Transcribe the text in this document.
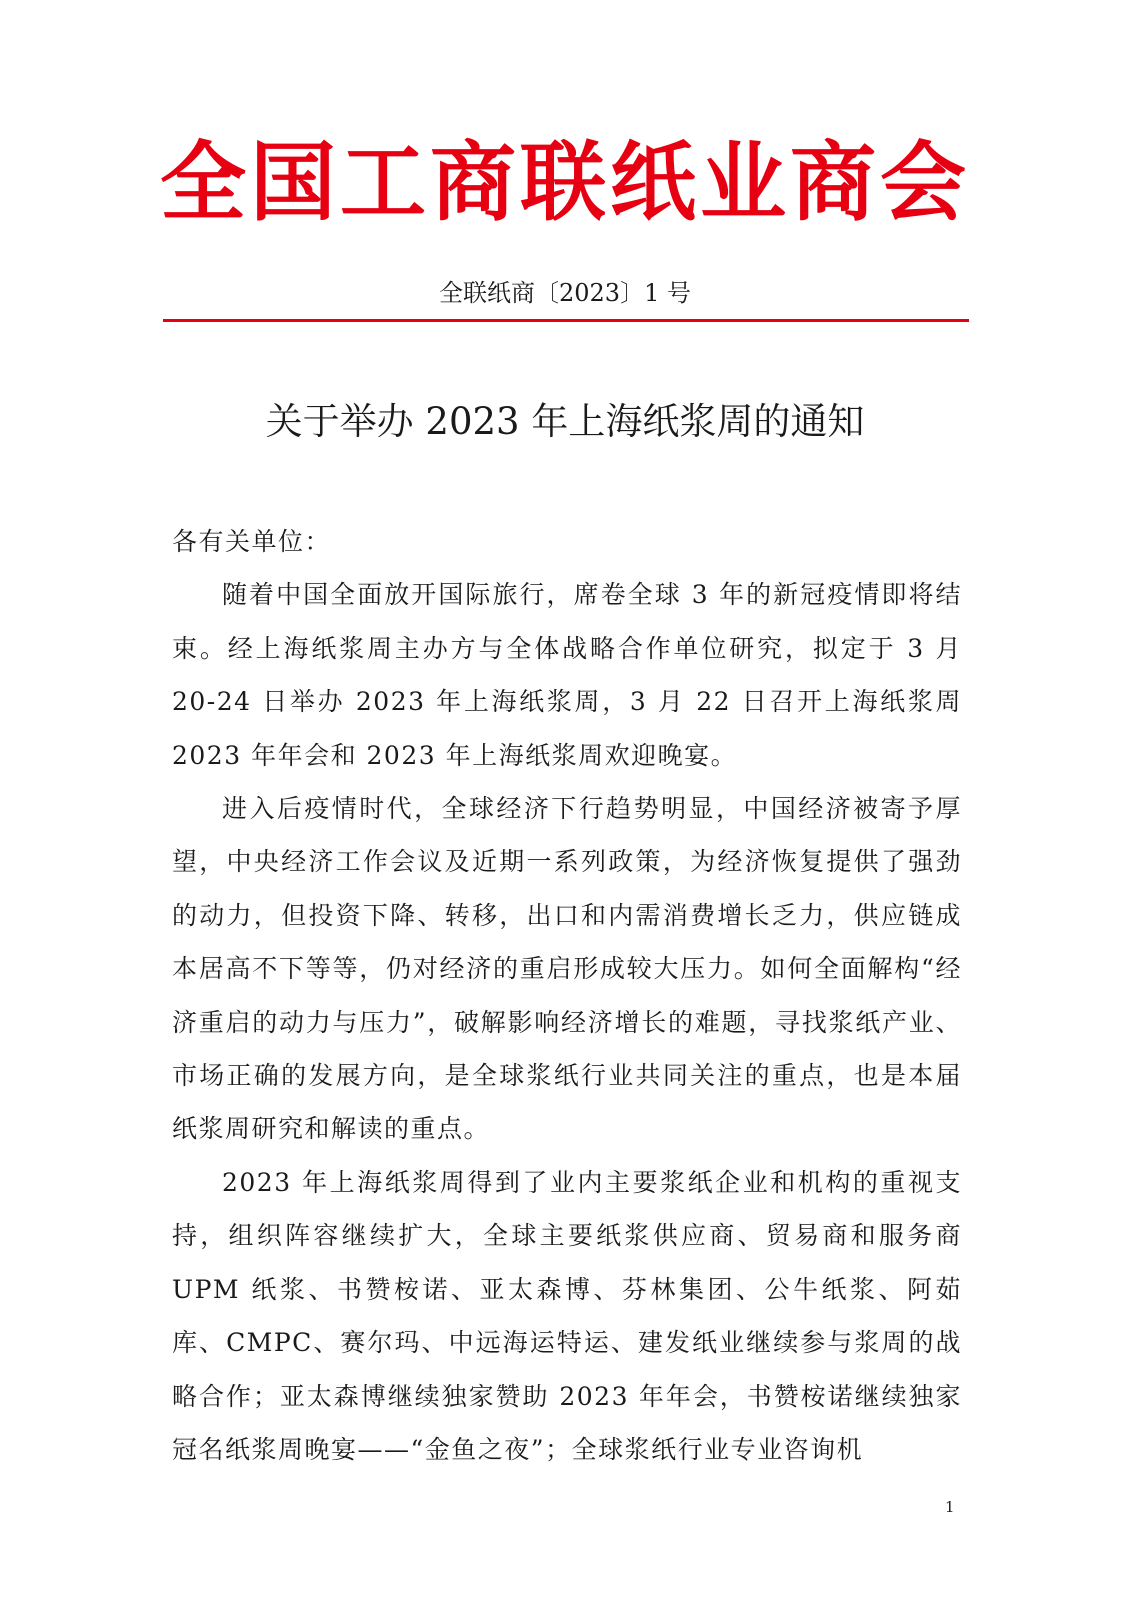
全国工商联纸业商会
全联纸商〔2023〕1 号
关于举办 2023 年上海纸浆周的通知

各有关单位：

随着中国全面放开国际旅行，席卷全球 3 年的新冠疫情即将结束。经上海纸浆周主办方与全体战略合作单位研究，拟定于 3 月 20-24 日举办 2023 年上海纸浆周，3 月 22 日召开上海纸浆周 2023 年年会和 2023 年上海纸浆周欢迎晚宴。

进入后疫情时代，全球经济下行趋势明显，中国经济被寄予厚望，中央经济工作会议及近期一系列政策，为经济恢复提供了强劲的动力，但投资下降、转移，出口和内需消费增长乏力，供应链成本居高不下等等，仍对经济的重启形成较大压力。如何全面解构“经济重启的动力与压力”，破解影响经济增长的难题，寻找浆纸产业、市场正确的发展方向，是全球浆纸行业共同关注的重点，也是本届纸浆周研究和解读的重点。

2023 年上海纸浆周得到了业内主要浆纸企业和机构的重视支持，组织阵容继续扩大，全球主要纸浆供应商、贸易商和服务商 UPM 纸浆、书赞桉诺、亚太森博、芬林集团、公牛纸浆、阿茹库、CMPC、赛尔玛、中远海运特运、建发纸业继续参与浆周的战略合作；亚太森博继续独家赞助 2023 年年会，书赞桉诺继续独家冠名纸浆周晚宴——“金鱼之夜”；全球浆纸行业专业咨询机

1
